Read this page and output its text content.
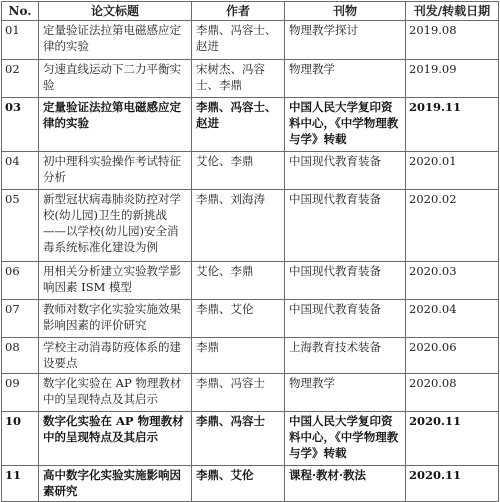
No.	论文标题	作者	刊物	刊发/转载日期
01	定量验证法拉第电磁感应定律的实验	李鼎、冯容士、赵进	物理教学探讨	2019.08
02	匀速直线运动下二力平衡实验	宋树杰、冯容士、李鼎	物理教学	2019.09
03	定量验证法拉第电磁感应定律的实验	李鼎、冯容士、赵进	中国人民大学复印资料中心，《中学物理教与学》转载	2019.11
04	初中理科实验操作考试特征分析	艾伦、李鼎	中国现代教育装备	2020.01
05	新型冠状病毒肺炎防控对学校(幼儿园)卫生的新挑战——以学校(幼儿园)安全消毒系统标准化建设为例	李鼎、刘海涛	中国现代教育装备	2020.02
06	用相关分析建立实验教学影响因素 ISM 模型	艾伦、李鼎	中国现代教育装备	2020.03
07	教师对数字化实验实施效果影响因素的评价研究	李鼎、艾伦	中国现代教育装备	2020.04
08	学校主动消毒防疫体系的建设要点	李鼎	上海教育技术装备	2020.06
09	数字化实验在 AP 物理教材中的呈现特点及其启示	李鼎、冯容士	物理教学	2020.08
10	数字化实验在 AP 物理教材中的呈现特点及其启示	李鼎、冯容士	中国人民大学复印资料中心，《中学物理教与学》转载	2020.11
11	高中数字化实验实施影响因素研究	李鼎、艾伦	课程·教材·教法	2020.11
